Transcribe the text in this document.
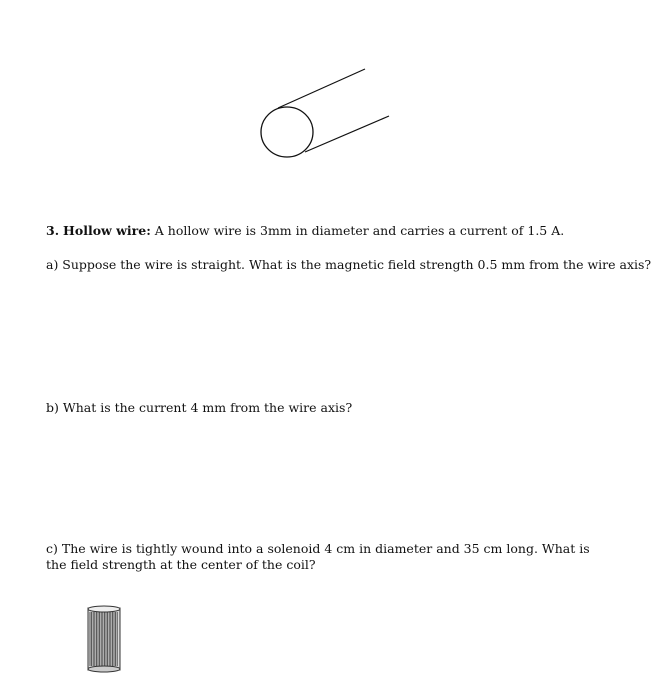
3. Hollow wire: A hollow wire is 3mm in diameter and carries a current of 1.5 A.

a) Suppose the wire is straight. What is the magnetic field strength 0.5 mm from the wire axis?

b) What is the current 4 mm from the wire axis?

c) The wire is tightly wound into a solenoid 4 cm in diameter and 35 cm long. What is the field strength at the center of the coil?
